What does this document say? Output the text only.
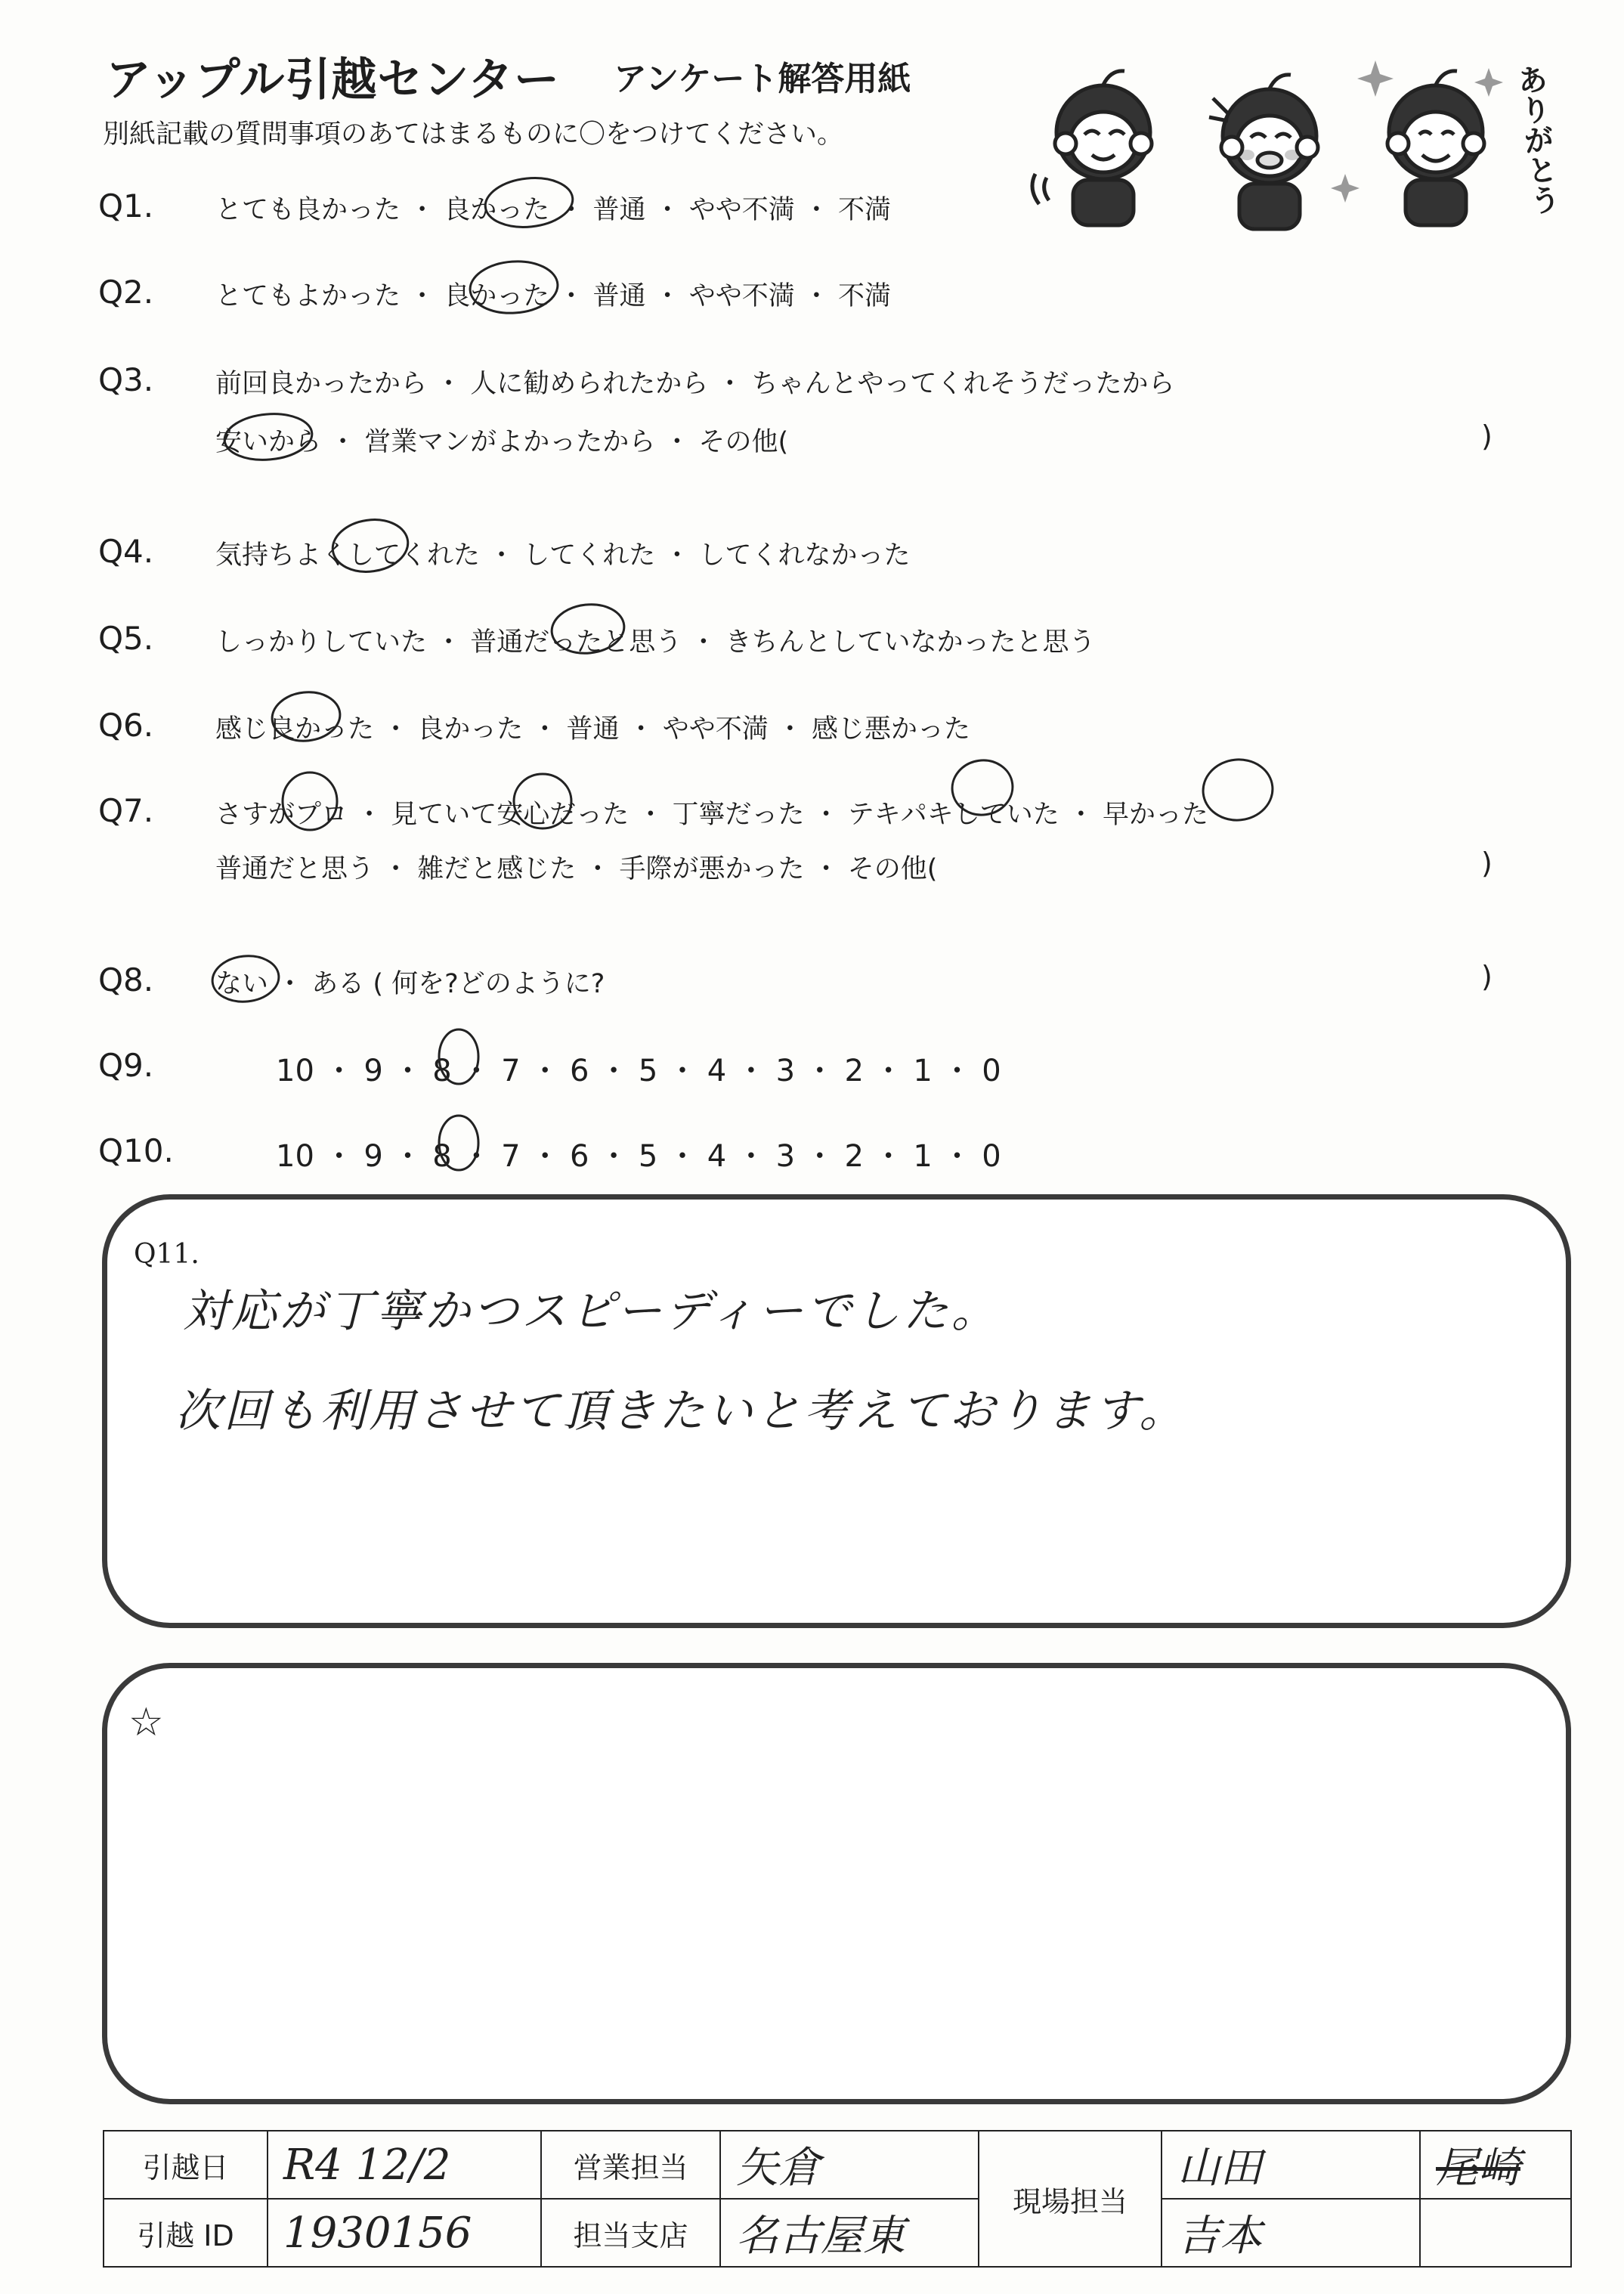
アップル引越センター アンケート解答用紙
別紙記載の質問事項のあてはまるものに〇をつけてください。	ありがとう
Q1. とても良かった ・ 良かった ・ 普通 ・ やや不満 ・ 不満
Q2. とてもよかった ・ 良かった ・ 普通 ・ やや不満 ・ 不満
Q3. 前回良かったから ・ 人に勧められたから ・ ちゃんとやってくれそうだったから
安いから ・ 営業マンがよかったから ・ その他(	)
Q4. 気持ちよくしてくれた ・ してくれた ・ してくれなかった
Q5. しっかりしていた ・ 普通だったと思う ・ きちんとしていなかったと思う
Q6. 感じ良かった ・ 良かった ・ 普通 ・ やや不満 ・ 感じ悪かった
Q7. さすがプロ ・ 見ていて安心だった ・ 丁寧だった ・ テキパキしていた ・ 早かった
普通だと思う ・ 雑だと感じた ・ 手際が悪かった ・ その他(	)
Q8. ない ・ ある ( 何を?どのように?	)
Q9.	10 ・ 9 ・ 8 ・ 7 ・ 6 ・ 5 ・ 4 ・ 3 ・ 2 ・ 1 ・ 0
Q10.	10 ・ 9 ・ 8 ・ 7 ・ 6 ・ 5 ・ 4 ・ 3 ・ 2 ・ 1 ・ 0
Q11.
対応が丁寧かつスピーディーでした。
次回も利用させて頂きたいと考えております。
☆
引越日	R4 12/2	営業担当	矢倉	現場担当	山田	尾崎
引越 ID	1930156	担当支店	名古屋東		吉本	
